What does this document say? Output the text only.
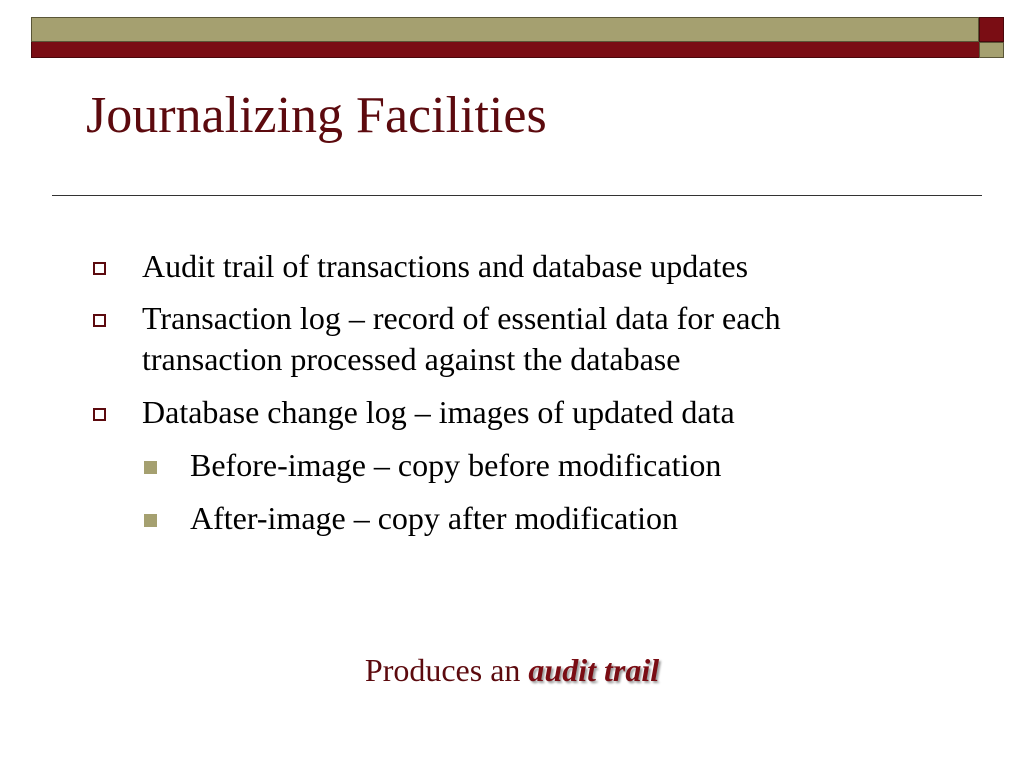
Journalizing Facilities
Audit trail of transactions and database updates
Transaction log – record of essential data for each
transaction processed against the database
Database change log – images of updated data
Before-image – copy before modification
After-image – copy after modification
Produces an audit trail
